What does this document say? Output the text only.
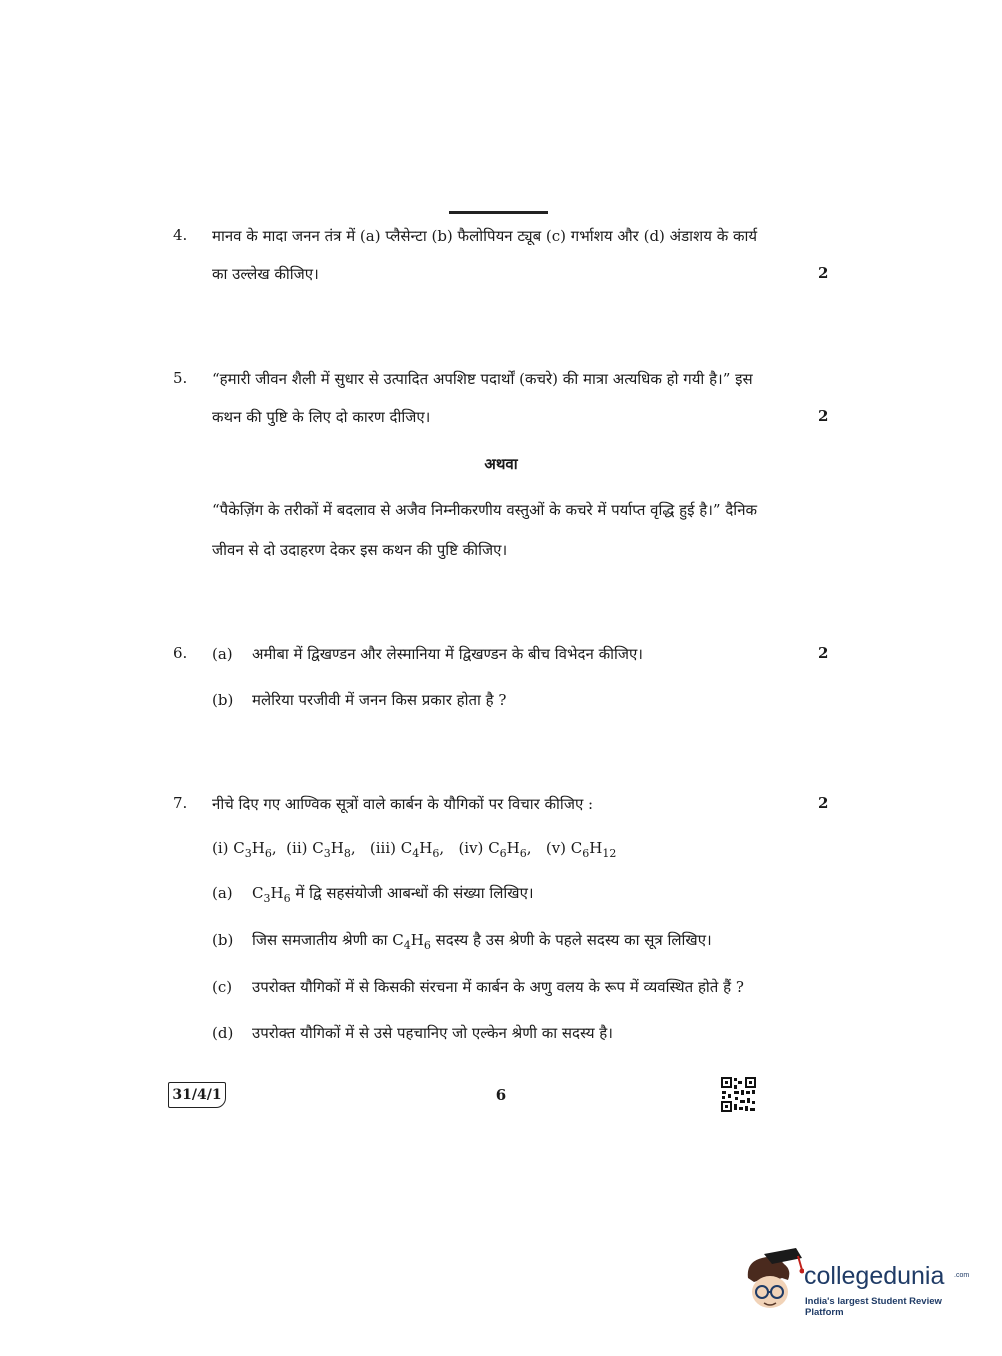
4. मानव के मादा जनन तंत्र में (a) प्लैसेन्टा (b) फैलोपियन ट्यूब (c) गर्भाशय और (d) अंडाशय के कार्य
का उल्लेख कीजिए।	2
5. “हमारी जीवन शैली में सुधार से उत्पादित अपशिष्ट पदार्थों (कचरे) की मात्रा अत्यधिक हो गयी है।” इस
कथन की पुष्टि के लिए दो कारण दीजिए।	2
अथवा
“पैकेज़िंग के तरीकों में बदलाव से अजैव निम्नीकरणीय वस्तुओं के कचरे में पर्याप्त वृद्धि हुई है।” दैनिक
जीवन से दो उदाहरण देकर इस कथन की पुष्टि कीजिए।
6. (a) अमीबा में द्विखण्डन और लेस्मानिया में द्विखण्डन के बीच विभेदन कीजिए।	2
(b) मलेरिया परजीवी में जनन किस प्रकार होता है ?
7. नीचे दिए गए आण्विक सूत्रों वाले कार्बन के यौगिकों पर विचार कीजिए :	2
(i) $C_3H_6$,  (ii) $C_3H_8$,   (iii) $C_4H_6$,   (iv) $C_6H_6$,   (v) $C_6H_{12}$
(a) $C_3H_6$ में द्वि सहसंयोजी आबन्धों की संख्या लिखिए।
(b) जिस समजातीय श्रेणी का $C_4H_6$ सदस्य है उस श्रेणी के पहले सदस्य का सूत्र लिखिए।
(c) उपरोक्त यौगिकों में से किसकी संरचना में कार्बन के अणु वलय के रूप में व्यवस्थित होते हैं ?
(d) उपरोक्त यौगिकों में से उसे पहचानिए जो एल्केन श्रेणी का सदस्य है।
31/4/1	6
collegedunia .com
India's largest Student Review Platform
